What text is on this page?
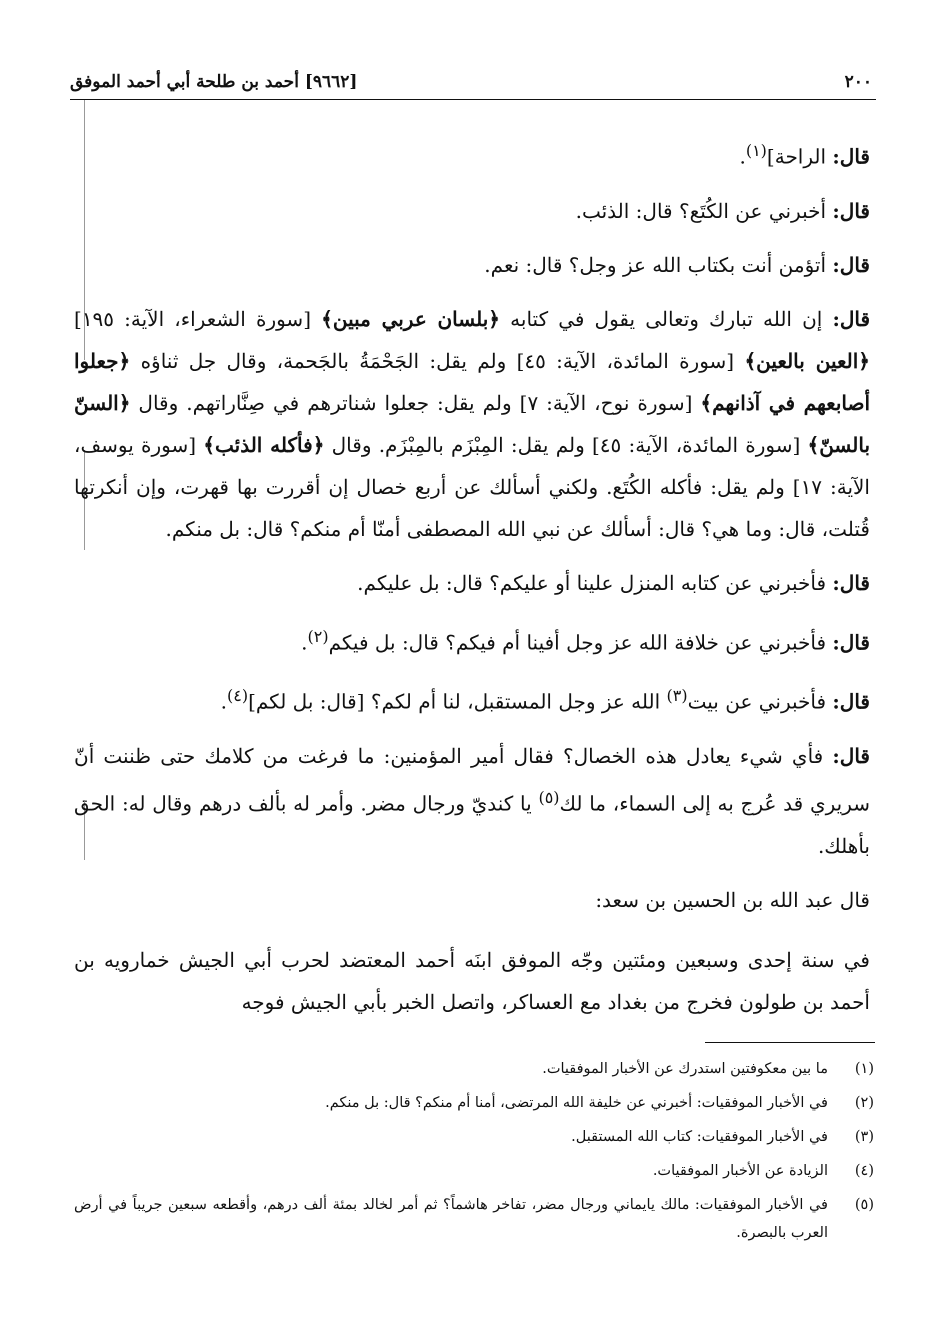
٢٠٠
[٩٦٦٢] أحمد بن طلحة أبي أحمد الموفق

قال: الراحة]$^{(١)}$.

قال: أخبرني عن الكُتَع؟ قال: الذئب.

قال: أتؤمن أنت بكتاب الله عز وجل؟ قال: نعم.

قال: إن الله تبارك وتعالى يقول في كتابه ﴿بلسان عربي مبين﴾ [سورة الشعراء، الآية: ١٩٥] ﴿العين بالعين﴾ [سورة المائدة، الآية: ٤٥] ولم يقل: الجَحْمَةُ بالجَحمة، وقال جل ثناؤه ﴿جعلوا أصابعهم في آذانهم﴾ [سورة نوح، الآية: ٧] ولم يقل: جعلوا شناترهم في صِنَّاراتهم. وقال ﴿السنّ بالسنّ﴾ [سورة المائدة، الآية: ٤٥] ولم يقل: المِبْزَم بالمِبْزَم. وقال ﴿فأكله الذئب﴾ [سورة يوسف، الآية: ١٧] ولم يقل: فأكله الكُتَع. ولكني أسألك عن أربع خصال إن أقررت بها قهرت، وإن أنكرتها قُتلت، قال: وما هي؟ قال: أسألك عن نبي الله المصطفى أمنّا أم منكم؟ قال: بل منكم.

قال: فأخبرني عن كتابه المنزل علينا أو عليكم؟ قال: بل عليكم.

قال: فأخبرني عن خلافة الله عز وجل أفينا أم فيكم؟ قال: بل فيكم$^{(٢)}$.

قال: فأخبرني عن بيت$^{(٣)}$ الله عز وجل المستقبل، لنا أم لكم؟ [قال: بل لكم]$^{(٤)}$.

قال: فأي شيء يعادل هذه الخصال؟ فقال أمير المؤمنين: ما فرغت من كلامك حتى ظننت أنّ سريري قد عُرج به إلى السماء، ما لك$^{(٥)}$ يا كنديّ ورجال مضر. وأمر له بألف درهم وقال له: الحق بأهلك.

قال عبد الله بن الحسين بن سعد:

في سنة إحدى وسبعين ومئتين وجّه الموفق ابنَه أحمد المعتضد لحرب أبي الجيش خمارويه بن أحمد بن طولون فخرج من بغداد مع العساكر، واتصل الخبر بأبي الجيش فوجه

(١)
ما بين معكوفتين استدرك عن الأخبار الموفقيات.
(٢)
في الأخبار الموفقيات: أخبرني عن خليفة الله المرتضى، أمنا أم منكم؟ قال: بل منكم.
(٣)
في الأخبار الموفقيات: كتاب الله المستقبل.
(٤)
الزيادة عن الأخبار الموفقيات.
(٥)
في الأخبار الموفقيات: مالك يايماني ورجال مضر، تفاخر هاشماً؟ ثم أمر لخالد بمئة ألف درهم، وأقطعه سبعين جريباً في أرض العرب بالبصرة.
